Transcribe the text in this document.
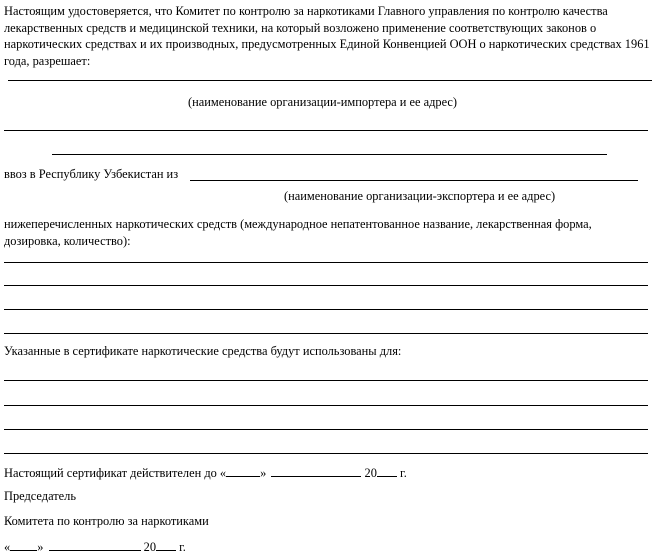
Настоящим удостоверяется, что Комитет по контролю за наркотиками Главного управления по контролю качества лекарственных средств и медицинской техники, на который возложено применение соответствующих законов о наркотических средствах и их производных, предусмотренных Единой Конвенцией ООН о наркотических средствах 1961 года, разрешает:
(наименование организации-импортера и ее адрес)
ввоз в Республику Узбекистан из
(наименование организации-экспортера и ее адрес)
нижеперечисленных наркотических средств (международное непатентованное название, лекарственная форма, дозировка, количество):
Указанные в сертификате наркотические средства будут использованы для:
Настоящий сертификат действителен до «	»	20 г.
Председатель
Комитета по контролю за наркотиками
« »	20 г.
